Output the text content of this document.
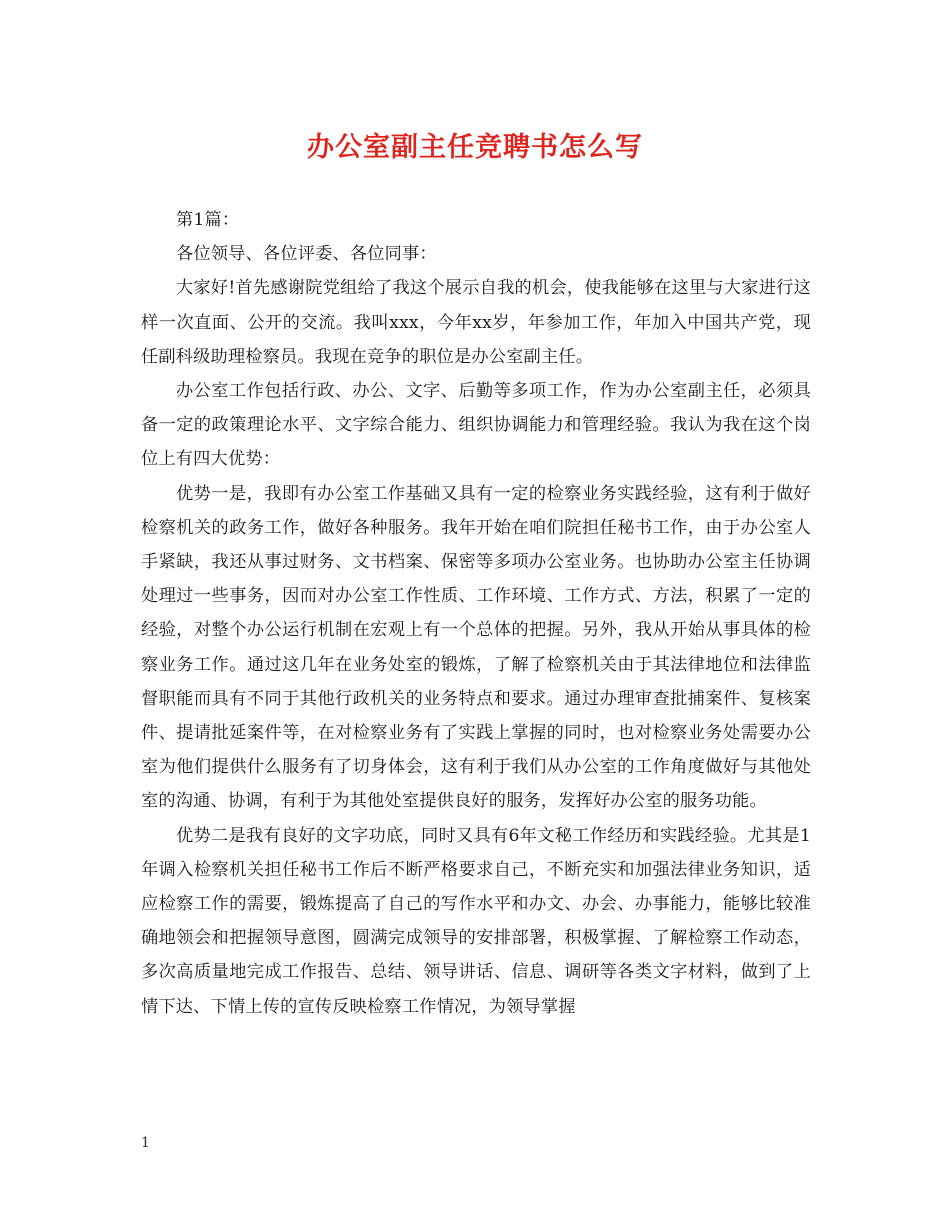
办公室副主任竞聘书怎么写

第1篇：

各位领导、各位评委、各位同事：

大家好!首先感谢院党组给了我这个展示自我的机会，使我能够在这里与大家进行这样一次直面、公开的交流。我叫xxx，今年xx岁，年参加工作，年加入中国共产党，现任副科级助理检察员。我现在竞争的职位是办公室副主任。

办公室工作包括行政、办公、文字、后勤等多项工作，作为办公室副主任，必须具备一定的政策理论水平、文字综合能力、组织协调能力和管理经验。我认为我在这个岗位上有四大优势：

优势一是，我即有办公室工作基础又具有一定的检察业务实践经验，这有利于做好检察机关的政务工作，做好各种服务。我年开始在咱们院担任秘书工作，由于办公室人手紧缺，我还从事过财务、文书档案、保密等多项办公室业务。也协助办公室主任协调处理过一些事务，因而对办公室工作性质、工作环境、工作方式、方法，积累了一定的经验，对整个办公运行机制在宏观上有一个总体的把握。另外，我从开始从事具体的检察业务工作。通过这几年在业务处室的锻炼，了解了检察机关由于其法律地位和法律监督职能而具有不同于其他行政机关的业务特点和要求。通过办理审查批捕案件、复核案件、提请批延案件等，在对检察业务有了实践上掌握的同时，也对检察业务处需要办公室为他们提供什么服务有了切身体会，这有利于我们从办公室的工作角度做好与其他处室的沟通、协调，有利于为其他处室提供良好的服务，发挥好办公室的服务功能。

优势二是我有良好的文字功底，同时又具有6年文秘工作经历和实践经验。尤其是1年调入检察机关担任秘书工作后不断严格要求自己，不断充实和加强法律业务知识，适应检察工作的需要，锻炼提高了自己的写作水平和办文、办会、办事能力，能够比较准确地领会和把握领导意图，圆满完成领导的安排部署，积极掌握、了解检察工作动态，多次高质量地完成工作报告、总结、领导讲话、信息、调研等各类文字材料，做到了上情下达、下情上传的宣传反映检察工作情况，为领导掌握

1
